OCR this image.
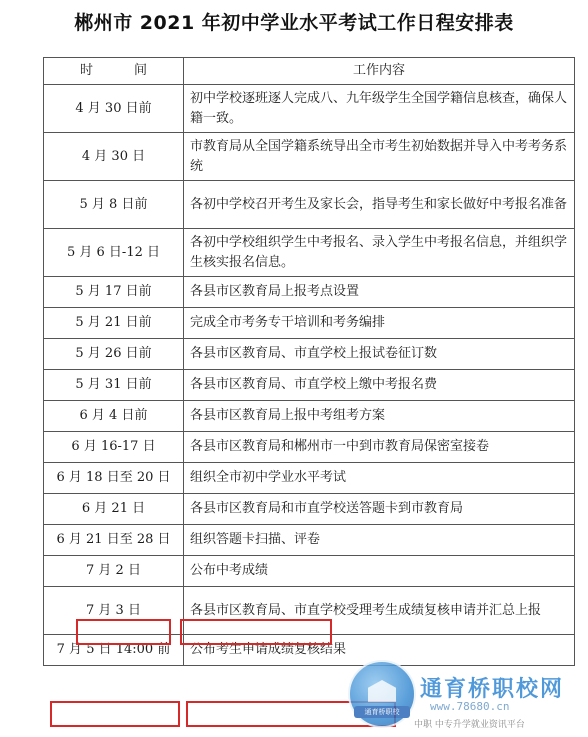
郴州市 2021 年初中学业水平考试工作日程安排表
时　间	工作内容
4 月 30 日前	初中学校逐班逐人完成八、九年级学生全国学籍信息核查，确保人籍一致。
4 月 30 日	市教育局从全国学籍系统导出全市考生初始数据并导入中考考务系统
5 月 8 日前	各初中学校召开考生及家长会，指导考生和家长做好中考报名准备
5 月 6 日-12 日	各初中学校组织学生中考报名、录入学生中考报名信息，并组织学生核实报名信息。
5 月 17 日前	各县市区教育局上报考点设置
5 月 21 日前	完成全市考务专干培训和考务编排
5 月 26 日前	各县市区教育局、市直学校上报试卷征订数
5 月 31 日前	各县市区教育局、市直学校上缴中考报名费
6 月 4 日前	各县市区教育局上报中考组考方案
6 月 16-17 日	各县市区教育局和郴州市一中到市教育局保密室接卷
6 月 18 日至 20 日	组织全市初中学业水平考试
6 月 21 日	各县市区教育局和市直学校送答题卡到市教育局
6 月 21 日至 28 日	组织答题卡扫描、评卷
7 月 2 日	公布中考成绩
7 月 3 日	各县市区教育局、市直学校受理考生成绩复核申请并汇总上报
7 月 5 日 14:00 前	公布考生申请成绩复核结果
通育桥职校
通育桥职校网
www.78680.cn
中职 中专升学就业资讯平台
